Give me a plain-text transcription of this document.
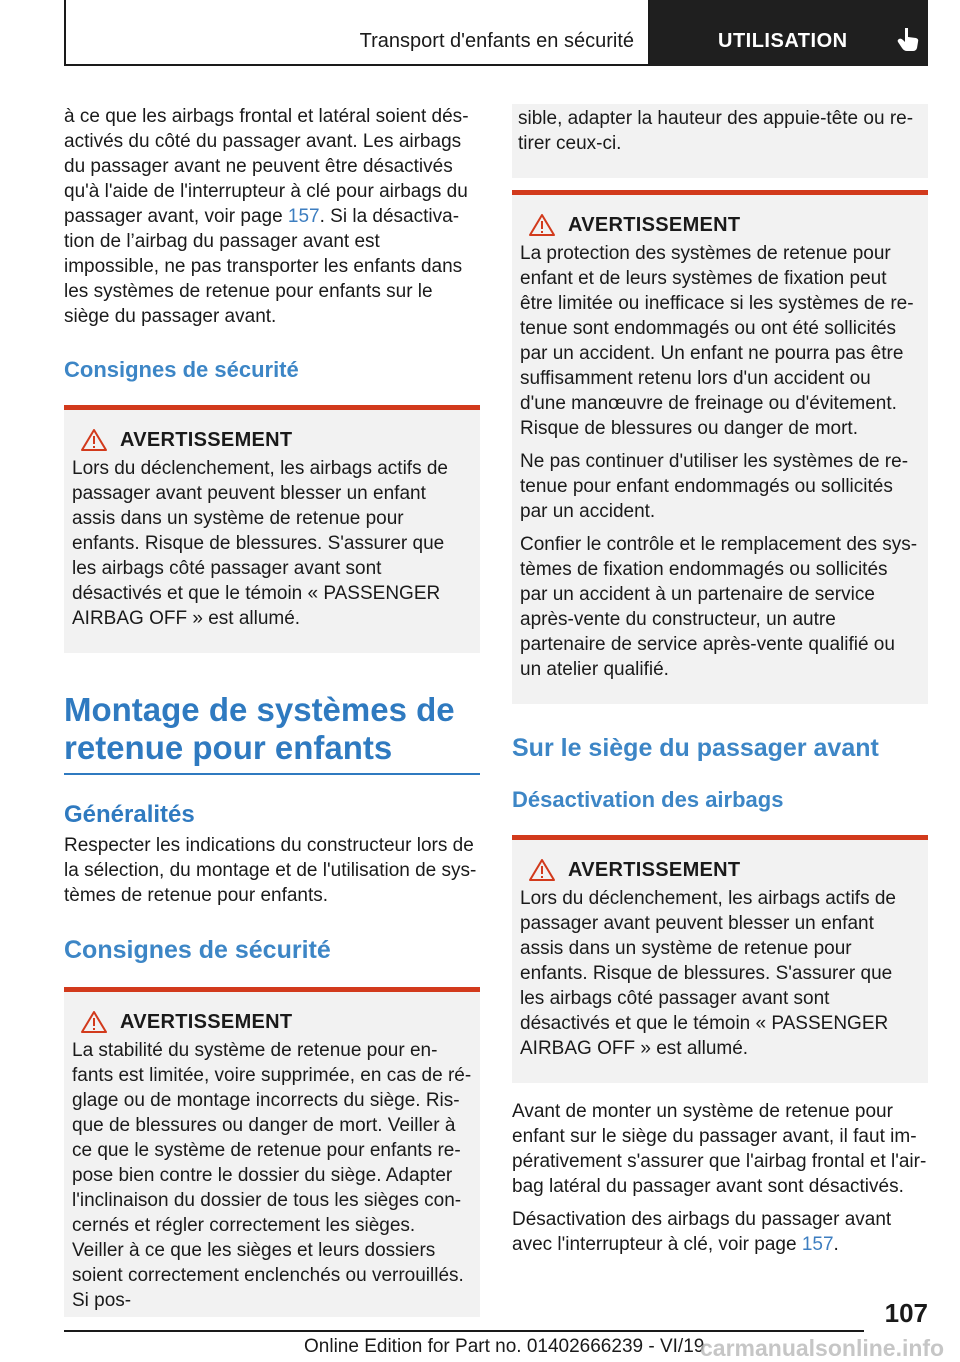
Transport d'enfants en sécurité	UTILISATION

à ce que les airbags frontal et latéral soient désactivés du côté du passager avant. Les airbags du passager avant ne peuvent être désactivés qu'à l'aide de l'interrupteur à clé pour airbags du passager avant, voir page 157. Si la désactivation de l’airbag du passager avant est impossible, ne pas transporter les enfants dans les systèmes de retenue pour enfants sur le siège du passager avant.

Consignes de sécurité
AVERTISSEMENT

Lors du déclenchement, les airbags actifs de passager avant peuvent blesser un enfant assis dans un système de retenue pour enfants. Risque de blessures. S'assurer que les airbags côté passager avant sont désactivés et que le témoin « PASSENGER AIRBAG OFF » est allumé.

Montage de systèmes de retenue pour enfants
Généralités

Respecter les indications du constructeur lors de la sélection, du montage et de l'utilisation de systèmes de retenue pour enfants.

Consignes de sécurité
AVERTISSEMENT

La stabilité du système de retenue pour enfants est limitée, voire supprimée, en cas de réglage ou de montage incorrects du siège. Risque de blessures ou danger de mort. Veiller à ce que le système de retenue pour enfants repose bien contre le dossier du siège. Adapter l'inclinaison du dossier de tous les sièges concernés et régler correctement les sièges. Veiller à ce que les sièges et leurs dossiers soient correctement enclenchés ou verrouillés. Si pos-

sible, adapter la hauteur des appuie-tête ou retirer ceux-ci.

AVERTISSEMENT

La protection des systèmes de retenue pour enfant et de leurs systèmes de fixation peut être limitée ou inefficace si les systèmes de retenue sont endommagés ou ont été sollicités par un accident. Un enfant ne pourra pas être suffisamment retenu lors d'un accident ou d'une manœuvre de freinage ou d'évitement. Risque de blessures ou danger de mort.

Ne pas continuer d'utiliser les systèmes de retenue pour enfant endommagés ou sollicités par un accident.

Confier le contrôle et le remplacement des systèmes de fixation endommagés ou sollicités par un accident à un partenaire de service après-vente du constructeur, un autre partenaire de service après-vente qualifié ou un atelier qualifié.

Sur le siège du passager avant
Désactivation des airbags
AVERTISSEMENT

Lors du déclenchement, les airbags actifs de passager avant peuvent blesser un enfant assis dans un système de retenue pour enfants. Risque de blessures. S'assurer que les airbags côté passager avant sont désactivés et que le témoin « PASSENGER AIRBAG OFF » est allumé.

Avant de monter un système de retenue pour enfant sur le siège du passager avant, il faut impérativement s'assurer que l'airbag frontal et l'airbag latéral du passager avant sont désactivés.

Désactivation des airbags du passager avant avec l'interrupteur à clé, voir page 157.

107
Online Edition for Part no. 01402666239 - VI/19
carmanualsonline.info
